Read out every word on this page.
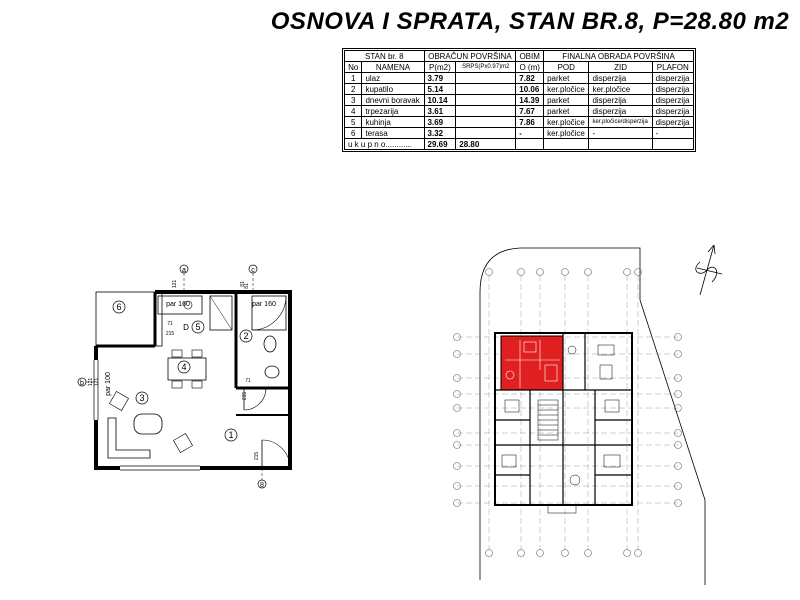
OSNOVA I SPRATA, STAN BR.8, P=28.80 m2
STAN br. 8		OBRAČUN POVRŠINA		OBIM	FINALNA OBRADA POVRŠINA		
No	NAMENA	P(m2)	SRPS(Px0.97)m2	O (m)	POD	ZID	PLAFON
1	ulaz	3.79		7.82	parket	disperzija	disperzija
2	kupatilo	5.14		10.06	ker.pločice	ker.pločice	disperzija
3	dnevni boravak	10.14		14.39	parket	disperzija	disperzija
4	trpezarija	3.61		7.67	parket	disperzija	disperzija
5	kuhinja	3.69		7.86	ker.pločice	ker.pločice/disperzija	disperzija
6	terasa	3.32		-	ker.pločice	-	-
u k u p n o............		29.69	28.80				
6
5
2
4
3
1
a	c
b
8
D
par 160	par 160
par 100
121
121
71
215
81
215
215
121
81
71
